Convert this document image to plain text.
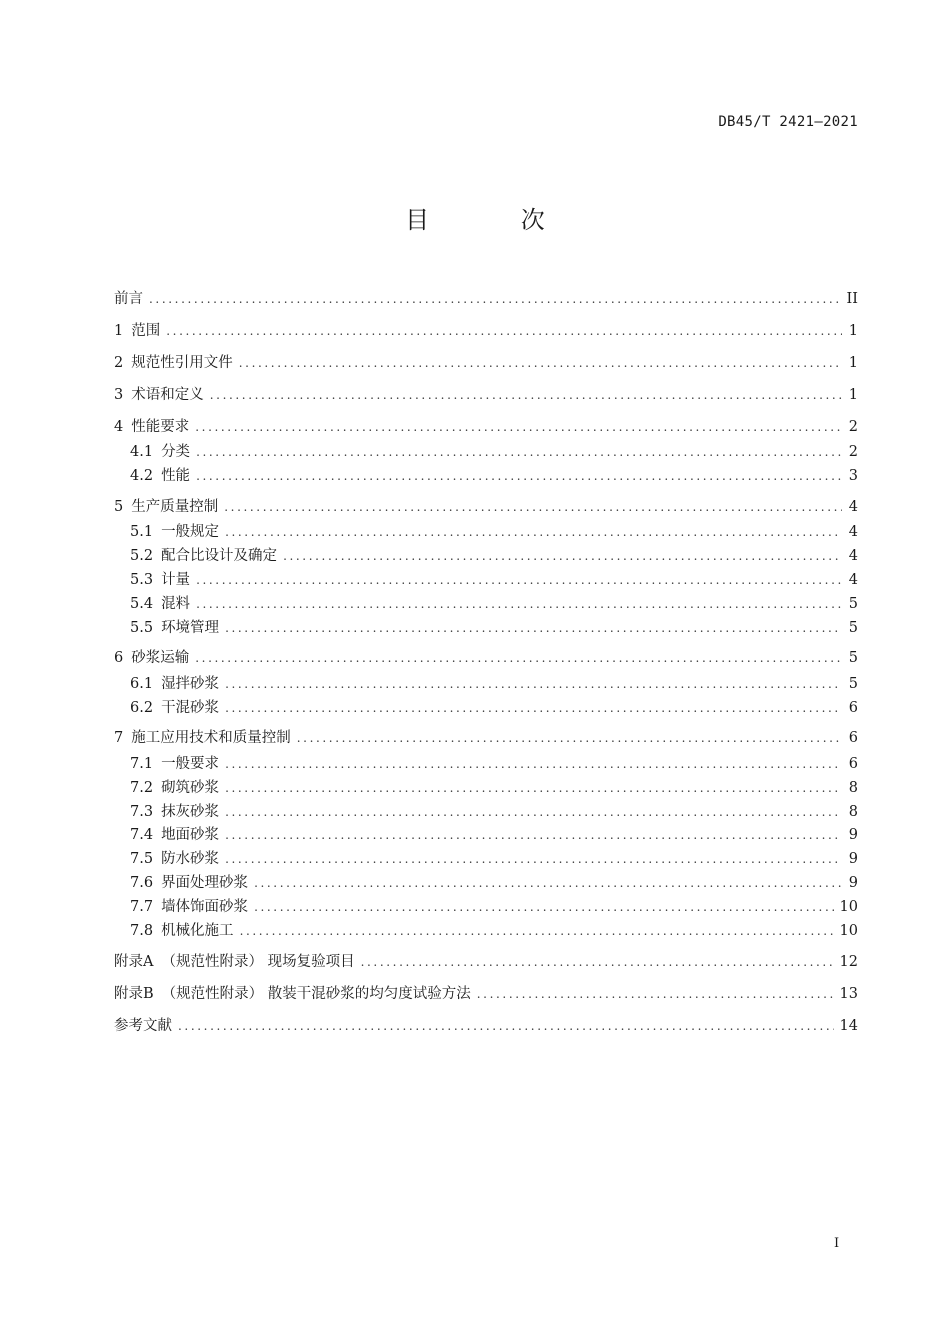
DB45/T 2421—2021
目 次
前言 .....	II
1 范围 .....	1
2 规范性引用文件 .....	1
3 术语和定义 .....	1
4 性能要求 .....	2
4.1 分类 .....	2
4.2 性能 .....	3
5 生产质量控制 .....	4
5.1 一般规定 .....	4
5.2 配合比设计及确定 .....	4
5.3 计量 .....	4
5.4 混料 .....	5
5.5 环境管理 .....	5
6 砂浆运输 .....	5
6.1 湿拌砂浆 .....	5
6.2 干混砂浆 .....	6
7 施工应用技术和质量控制 .....	6
7.1 一般要求 .....	6
7.2 砌筑砂浆 .....	8
7.3 抹灰砂浆 .....	8
7.4 地面砂浆 .....	9
7.5 防水砂浆 .....	9
7.6 界面处理砂浆 .....	9
7.7 墙体饰面砂浆 .....	10
7.8 机械化施工 .....	10
附录A （规范性附录） 现场复验项目 .....	12
附录B （规范性附录） 散装干混砂浆的均匀度试验方法 .....	13
参考文献 .....	14
I
